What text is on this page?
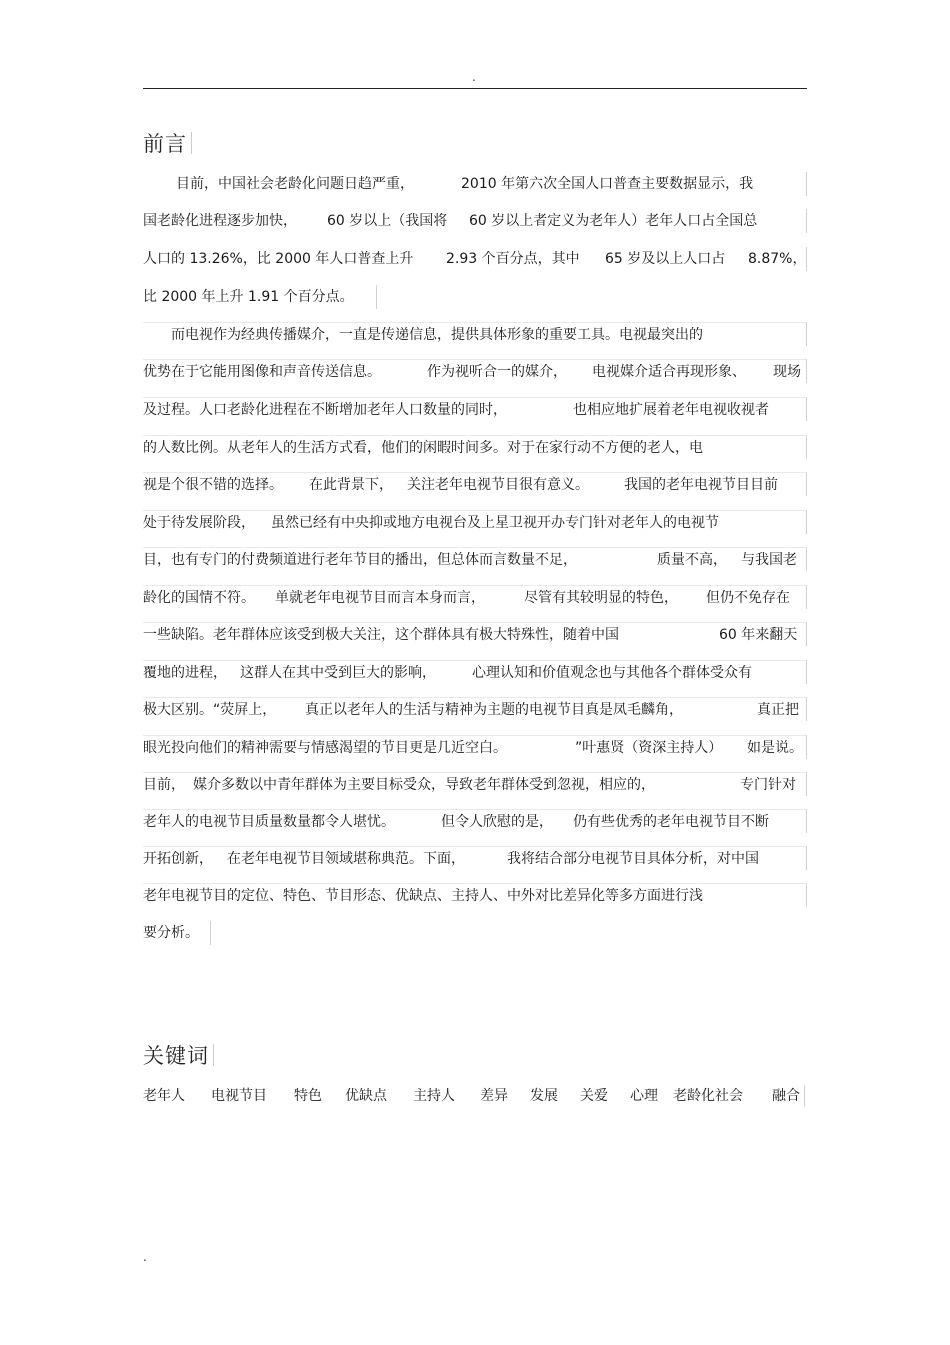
.
前言
目前，中国社会老龄化问题日趋严重，	2010 年第六次全国人口普查主要数据显示，我
国老龄化进程逐步加快， 60 岁以上（我国将 60 岁以上者定义为老年人）老年人口占全国总
人口的 13.26%，比 2000 年人口普查上升 2.93 个百分点，其中 65 岁及以上人口占 8.87%，
比 2000 年上升 1.91 个百分点。
而电视作为经典传播媒介，一直是传递信息，提供具体形象的重要工具。电视最突出的
优势在于它能用图像和声音传送信息。	作为视听合一的媒介， 电视媒介适合再现形象、 现场
及过程。人口老龄化进程在不断增加老年人口数量的同时，	也相应地扩展着老年电视收视者
的人数比例。从老年人的生活方式看，他们的闲暇时间多。对于在家行动不方便的老人，电
视是个很不错的选择。 在此背景下， 关注老年电视节目很有意义。	我国的老年电视节目目前
处于待发展阶段， 虽然已经有中央抑或地方电视台及上星卫视开办专门针对老年人的电视节
目，也有专门的付费频道进行老年节目的播出，但总体而言数量不足，	质量不高， 与我国老
龄化的国情不符。 单就老年电视节目而言本身而言，	尽管有其较明显的特色， 但仍不免存在
一些缺陷。老年群体应该受到极大关注，这个群体具有极大特殊性，随着中国	60 年来翻天
覆地的进程， 这群人在其中受到巨大的影响，	心理认知和价值观念也与其他各个群体受众有
极大区别。“荧屏上， 真正以老年人的生活与精神为主题的电视节目真是凤毛麟角，	真正把
眼光投向他们的精神需要与情感渴望的节目更是几近空白。	”叶惠贤（资深主持人） 如是说。
目前， 媒介多数以中青年群体为主要目标受众，导致老年群体受到忽视，相应的，	专门针对
老年人的电视节目质量数量都令人堪忧。	但令人欣慰的是， 仍有些优秀的老年电视节目不断
开拓创新， 在老年电视节目领域堪称典范。下面，	我将结合部分电视节目具体分析，对中国
老年电视节目的定位、特色、节目形态、优缺点、主持人、中外对比差异化等多方面进行浅
要分析。
关键词
老年人 电视节目 特色 优缺点 主持人 差异 发展 关爱 心理 老龄化社会 融合
.
